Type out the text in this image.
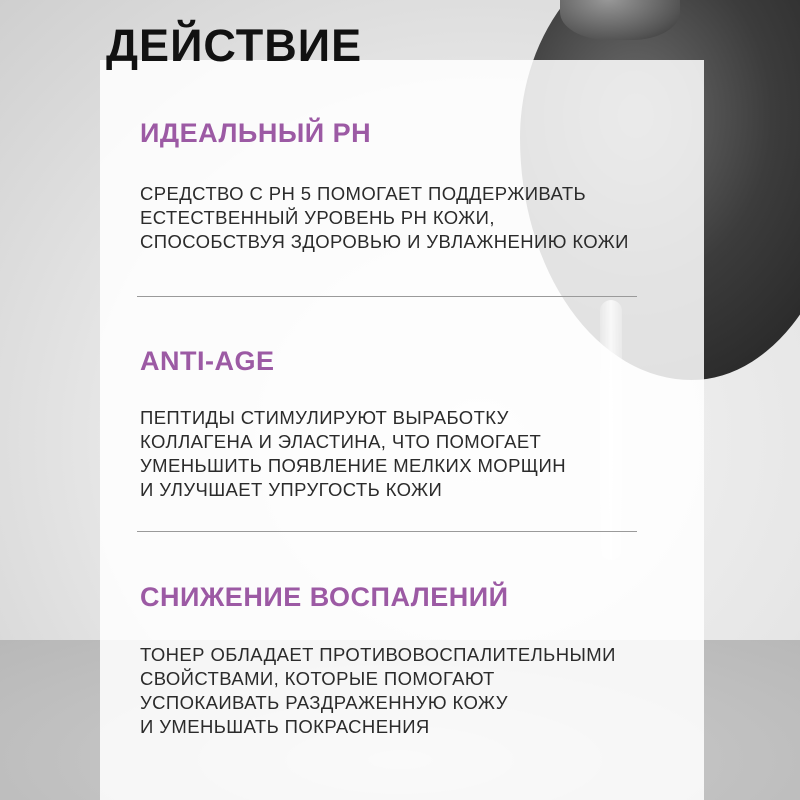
ДЕЙСТВИЕ
ИДЕАЛЬНЫЙ PH

СРЕДСТВО С PH 5 ПОМОГАЕТ ПОДДЕРЖИВАТЬ
ЕСТЕСТВЕННЫЙ УРОВЕНЬ PH КОЖИ,
СПОСОБСТВУЯ ЗДОРОВЬЮ И УВЛАЖНЕНИЮ КОЖИ

ANTI-AGE

ПЕПТИДЫ СТИМУЛИРУЮТ ВЫРАБОТКУ
КОЛЛАГЕНА И ЭЛАСТИНА, ЧТО ПОМОГАЕТ
УМЕНЬШИТЬ ПОЯВЛЕНИЕ МЕЛКИХ МОРЩИН
И УЛУЧШАЕТ УПРУГОСТЬ КОЖИ

СНИЖЕНИЕ ВОСПАЛЕНИЙ

ТОНЕР ОБЛАДАЕТ ПРОТИВОВОСПАЛИТЕЛЬНЫМИ
СВОЙСТВАМИ, КОТОРЫЕ ПОМОГАЮТ
УСПОКАИВАТЬ РАЗДРАЖЕННУЮ КОЖУ
И УМЕНЬШАТЬ ПОКРАСНЕНИЯ
